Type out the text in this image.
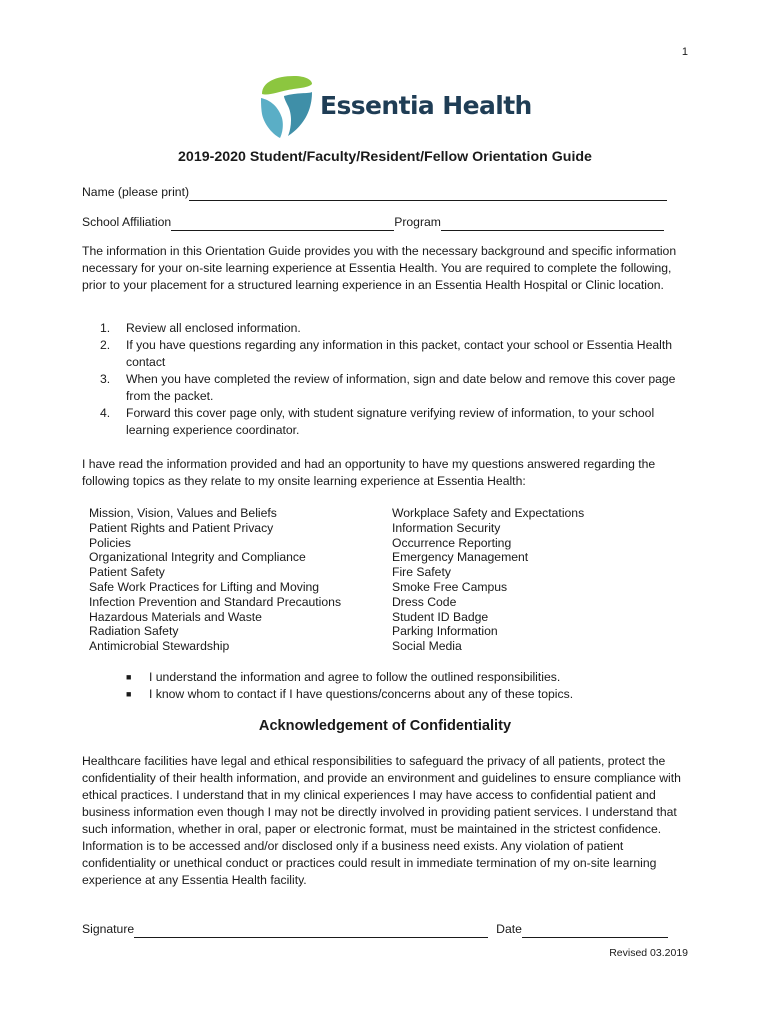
1
Essentia Health
2019-2020 Student/Faculty/Resident/Fellow Orientation Guide
Name (please print)
School Affiliation	Program
The information in this Orientation Guide provides you with the necessary background and specific information necessary for your on-site learning experience at Essentia Health. You are required to complete the following, prior to your placement for a structured learning experience in an Essentia Health Hospital or Clinic location.
1. Review all enclosed information.
2. If you have questions regarding any information in this packet, contact your school or Essentia Health contact
3. When you have completed the review of information, sign and date below and remove this cover page from the packet.
4. Forward this cover page only, with student signature verifying review of information, to your school learning experience coordinator.
I have read the information provided and had an opportunity to have my questions answered regarding the following topics as they relate to my onsite learning experience at Essentia Health:
Mission, Vision, Values and Beliefs
Patient Rights and Patient Privacy
Policies
Organizational Integrity and Compliance
Patient Safety
Safe Work Practices for Lifting and Moving
Infection Prevention and Standard Precautions
Hazardous Materials and Waste
Radiation Safety
Antimicrobial Stewardship
Workplace Safety and Expectations
Information Security
Occurrence Reporting
Emergency Management
Fire Safety
Smoke Free Campus
Dress Code
Student ID Badge
Parking Information
Social Media
■ I understand the information and agree to follow the outlined responsibilities.
■ I know whom to contact if I have questions/concerns about any of these topics.
Acknowledgement of Confidentiality
Healthcare facilities have legal and ethical responsibilities to safeguard the privacy of all patients, protect the confidentiality of their health information, and provide an environment and guidelines to ensure compliance with ethical practices. I understand that in my clinical experiences I may have access to confidential patient and business information even though I may not be directly involved in providing patient services. I understand that such information, whether in oral, paper or electronic format, must be maintained in the strictest confidence. Information is to be accessed and/or disclosed only if a business need exists. Any violation of patient confidentiality or unethical conduct or practices could result in immediate termination of my on-site learning experience at any Essentia Health facility.
Signature	Date
Revised 03.2019
